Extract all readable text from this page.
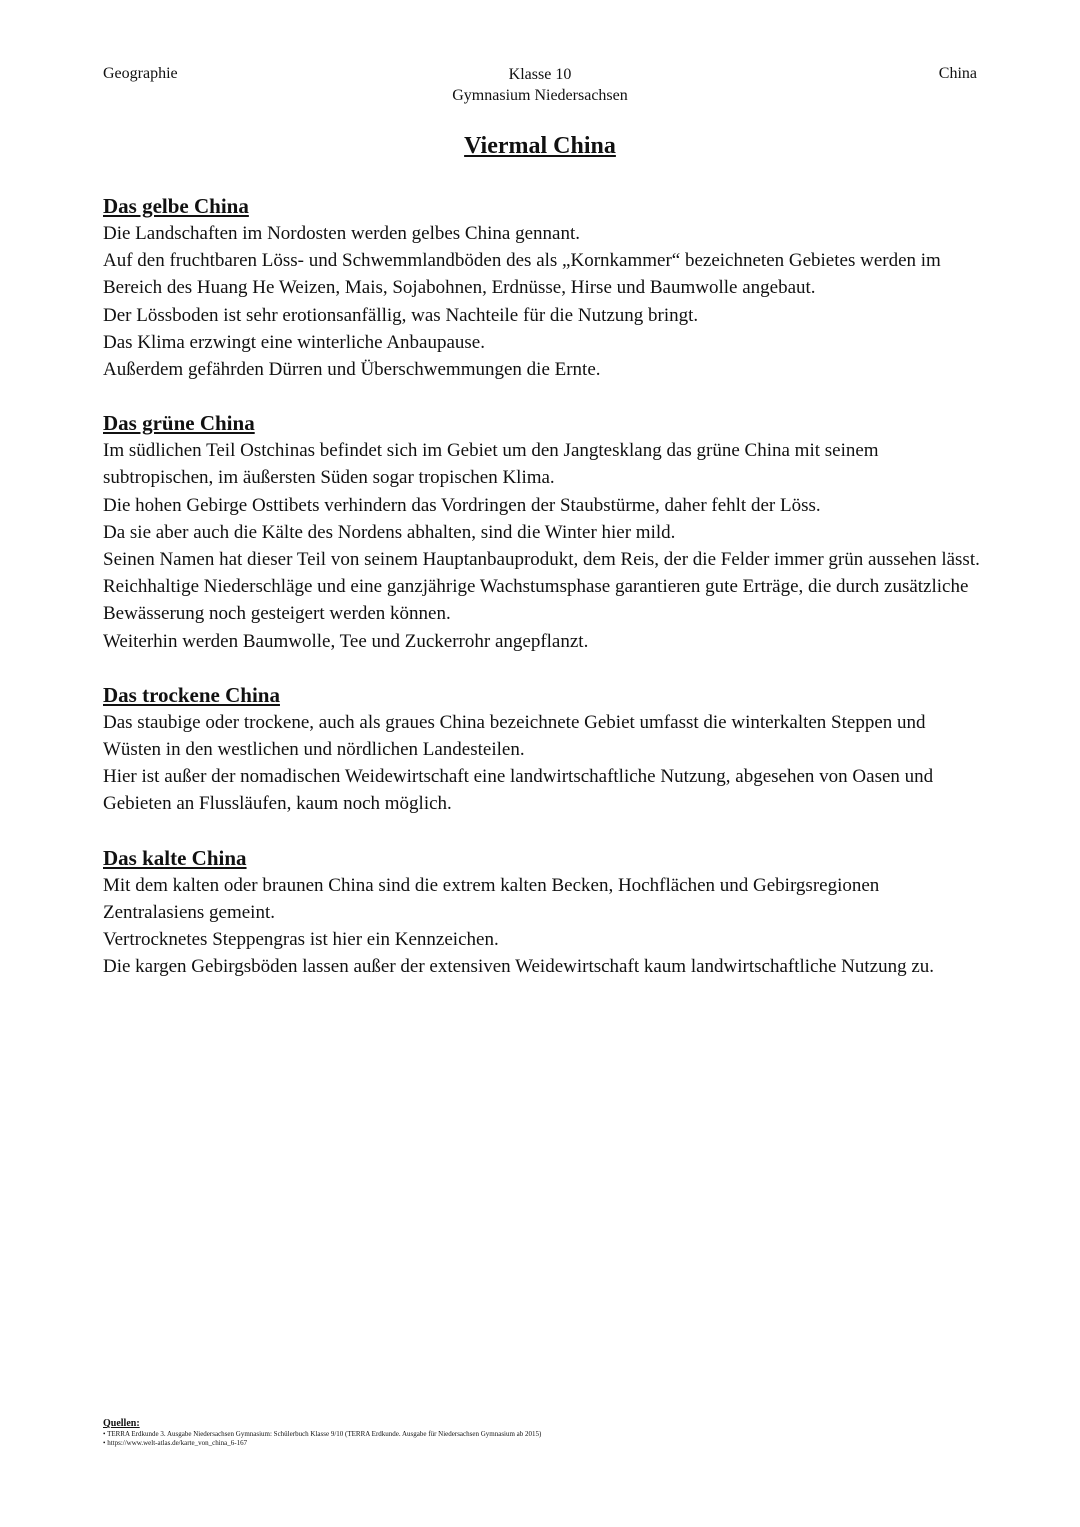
Geographie	Klasse 10
Gymnasium Niedersachsen
China
Viermal China
Das gelbe China

Die Landschaften im Nordosten werden gelbes China gennant.

Auf den fruchtbaren Löss- und Schwemmlandböden des als „Kornkammer“ bezeichneten Gebietes werden im Bereich des Huang He Weizen, Mais, Sojabohnen, Erdnüsse, Hirse und Baumwolle angebaut.

Der Lössboden ist sehr erotionsanfällig, was Nachteile für die Nutzung bringt.

Das Klima erzwingt eine winterliche Anbaupause.

Außerdem gefährden Dürren und Überschwemmungen die Ernte.

Das grüne China

Im südlichen Teil Ostchinas befindet sich im Gebiet um den Jangtesklang das grüne China mit seinem subtropischen, im äußersten Süden sogar tropischen Klima.

Die hohen Gebirge Osttibets verhindern das Vordringen der Staubstürme, daher fehlt der Löss.

Da sie aber auch die Kälte des Nordens abhalten, sind die Winter hier mild.

Seinen Namen hat dieser Teil von seinem Hauptanbauprodukt, dem Reis, der die Felder immer grün aussehen lässt.

Reichhaltige Niederschläge und eine ganzjährige Wachstumsphase garantieren gute Erträge, die durch zusätzliche Bewässerung noch gesteigert werden können.

Weiterhin werden Baumwolle, Tee und Zuckerrohr angepflanzt.

Das trockene China

Das staubige oder trockene, auch als graues China bezeichnete Gebiet umfasst die winterkalten Steppen und Wüsten in den westlichen und nördlichen Landesteilen.

Hier ist außer der nomadischen Weidewirtschaft eine landwirtschaftliche Nutzung, abgesehen von Oasen und Gebieten an Flussläufen, kaum noch möglich.

Das kalte China

Mit dem kalten oder braunen China sind die extrem kalten Becken, Hochflächen und Gebirgsregionen Zentralasiens gemeint.

Vertrocknetes Steppengras ist hier ein Kennzeichen.

Die kargen Gebirgsböden lassen außer der extensiven Weidewirtschaft kaum landwirtschaftliche Nutzung zu.

Quellen:
• TERRA Erdkunde 3. Ausgabe Niedersachsen Gymnasium: Schülerbuch Klasse 9/10 (TERRA Erdkunde. Ausgabe für Niedersachsen Gymnasium ab 2015)
• https://www.welt-atlas.de/karte_von_china_6-167
